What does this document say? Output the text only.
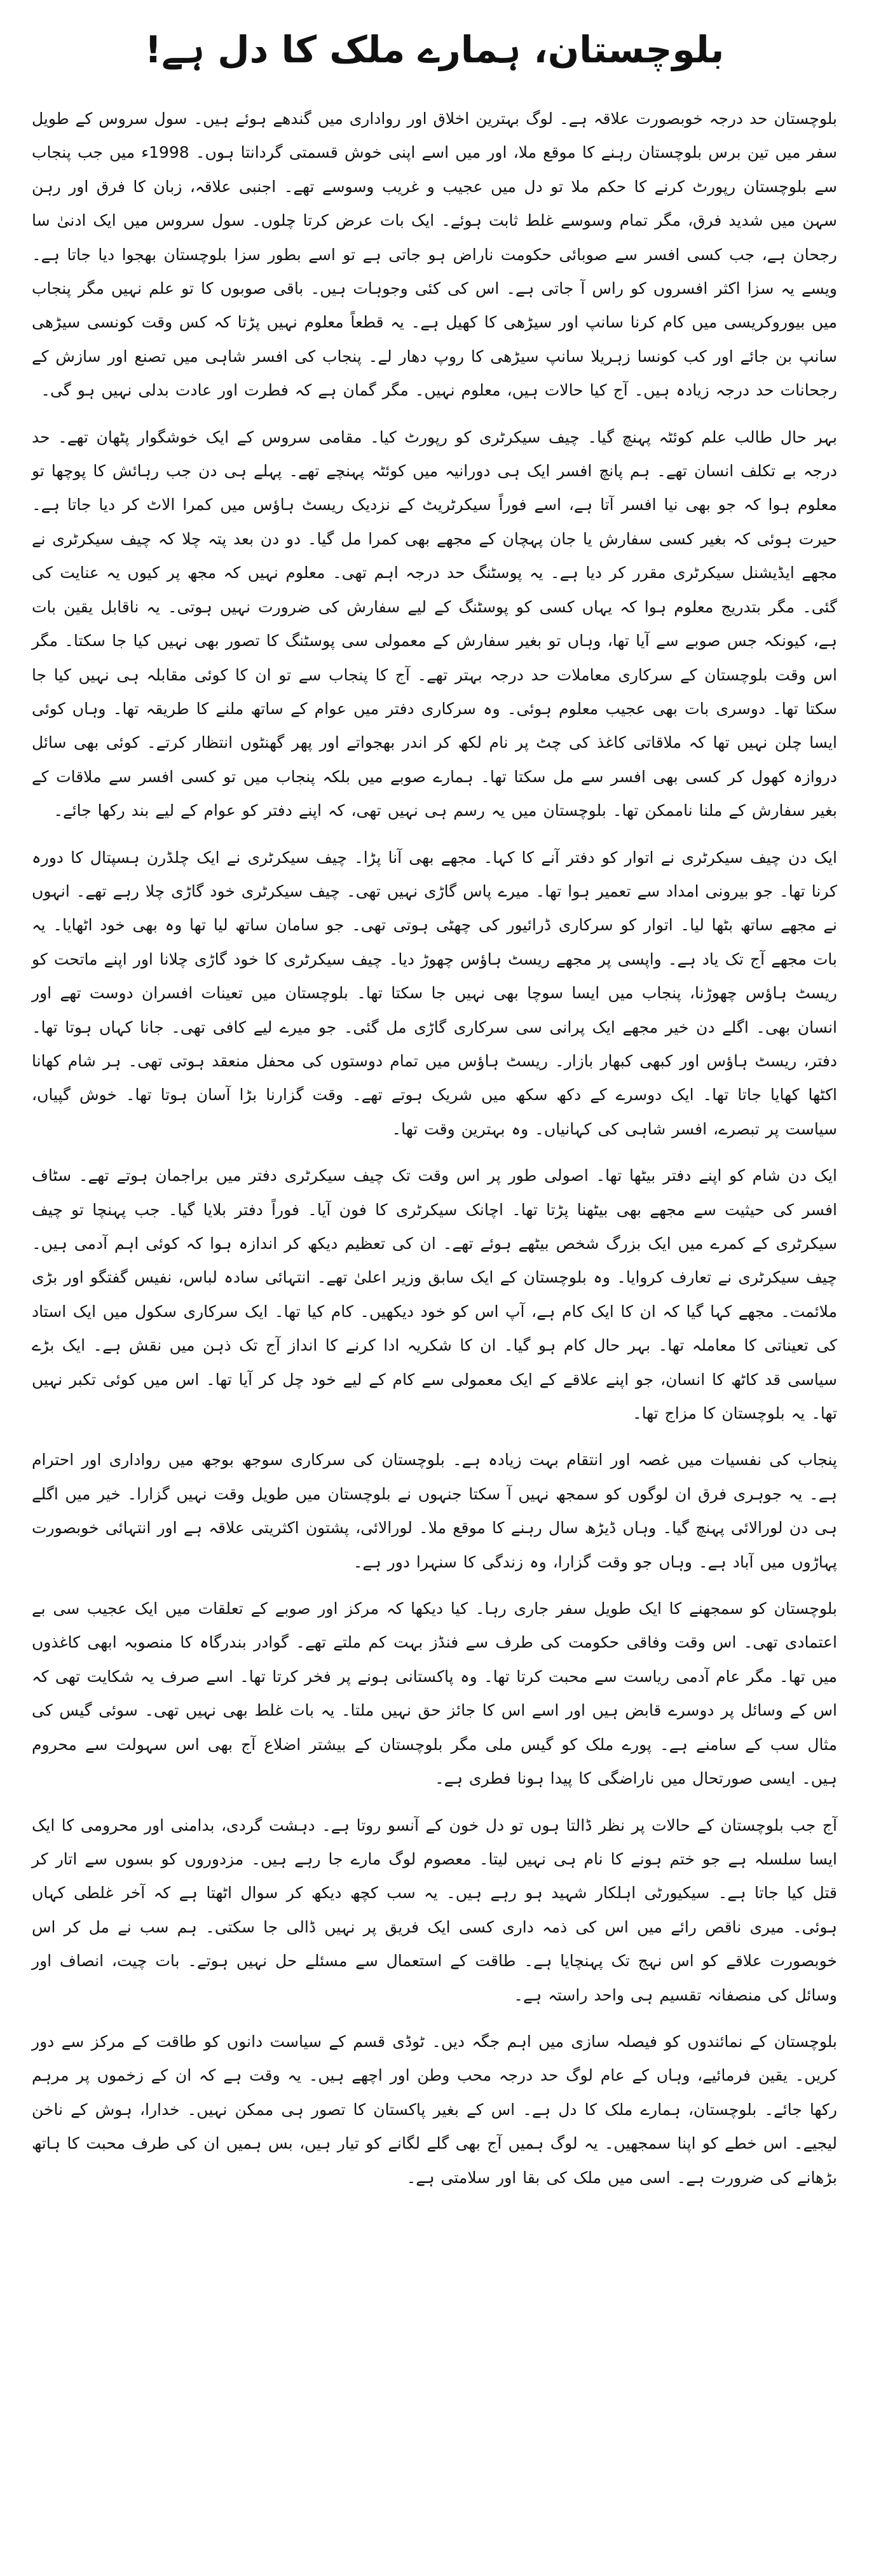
بلوچستان، ہمارے ملک کا دل ہے!

بلوچستان حد درجہ خوبصورت علاقہ ہے۔ لوگ بہترین اخلاق اور رواداری میں گندھے ہوئے ہیں۔ سول سروس کے طویل سفر میں تین برس بلوچستان رہنے کا موقع ملا، اور میں اسے اپنی خوش قسمتی گردانتا ہوں۔ 1998ء میں جب پنجاب سے بلوچستان رپورٹ کرنے کا حکم ملا تو دل میں عجیب و غریب وسوسے تھے۔ اجنبی علاقہ، زبان کا فرق اور رہن سہن میں شدید فرق، مگر تمام وسوسے غلط ثابت ہوئے۔ ایک بات عرض کرتا چلوں۔ سول سروس میں ایک ادنیٰ سا رجحان ہے، جب کسی افسر سے صوبائی حکومت ناراض ہو جاتی ہے تو اسے بطور سزا بلوچستان بھجوا دیا جاتا ہے۔ ویسے یہ سزا اکثر افسروں کو راس آ جاتی ہے۔ اس کی کئی وجوہات ہیں۔ باقی صوبوں کا تو علم نہیں مگر پنجاب میں بیوروکریسی میں کام کرنا سانپ اور سیڑھی کا کھیل ہے۔ یہ قطعاً معلوم نہیں پڑتا کہ کس وقت کونسی سیڑھی سانپ بن جائے اور کب کونسا زہریلا سانپ سیڑھی کا روپ دھار لے۔ پنجاب کی افسر شاہی میں تصنع اور سازش کے رجحانات حد درجہ زیادہ ہیں۔ آج کیا حالات ہیں، معلوم نہیں۔ مگر گمان ہے کہ فطرت اور عادت بدلی نہیں ہو گی۔

بہر حال طالب علم کوئٹہ پہنچ گیا۔ چیف سیکرٹری کو رپورٹ کیا۔ مقامی سروس کے ایک خوشگوار پٹھان تھے۔ حد درجہ بے تکلف انسان تھے۔ ہم پانچ افسر ایک ہی دورانیہ میں کوئٹہ پہنچے تھے۔ پہلے ہی دن جب رہائش کا پوچھا تو معلوم ہوا کہ جو بھی نیا افسر آتا ہے، اسے فوراً سیکرٹریٹ کے نزدیک ریسٹ ہاؤس میں کمرا الاٹ کر دیا جاتا ہے۔ حیرت ہوئی کہ بغیر کسی سفارش یا جان پہچان کے مجھے بھی کمرا مل گیا۔ دو دن بعد پتہ چلا کہ چیف سیکرٹری نے مجھے ایڈیشنل سیکرٹری مقرر کر دیا ہے۔ یہ پوسٹنگ حد درجہ اہم تھی۔ معلوم نہیں کہ مجھ پر کیوں یہ عنایت کی گئی۔ مگر بتدریج معلوم ہوا کہ یہاں کسی کو پوسٹنگ کے لیے سفارش کی ضرورت نہیں ہوتی۔ یہ ناقابل یقین بات ہے، کیونکہ جس صوبے سے آیا تھا، وہاں تو بغیر سفارش کے معمولی سی پوسٹنگ کا تصور بھی نہیں کیا جا سکتا۔ مگر اس وقت بلوچستان کے سرکاری معاملات حد درجہ بہتر تھے۔ آج کا پنجاب سے تو ان کا کوئی مقابلہ ہی نہیں کیا جا سکتا تھا۔ دوسری بات بھی عجیب معلوم ہوئی۔ وہ سرکاری دفتر میں عوام کے ساتھ ملنے کا طریقہ تھا۔ وہاں کوئی ایسا چلن نہیں تھا کہ ملاقاتی کاغذ کی چٹ پر نام لکھ کر اندر بھجواتے اور پھر گھنٹوں انتظار کرتے۔ کوئی بھی سائل دروازہ کھول کر کسی بھی افسر سے مل سکتا تھا۔ ہمارے صوبے میں بلکہ پنجاب میں تو کسی افسر سے ملاقات کے بغیر سفارش کے ملنا ناممکن تھا۔ بلوچستان میں یہ رسم ہی نہیں تھی، کہ اپنے دفتر کو عوام کے لیے بند رکھا جائے۔

ایک دن چیف سیکرٹری نے اتوار کو دفتر آنے کا کہا۔ مجھے بھی آنا پڑا۔ چیف سیکرٹری نے ایک چلڈرن ہسپتال کا دورہ کرنا تھا۔ جو بیرونی امداد سے تعمیر ہوا تھا۔ میرے پاس گاڑی نہیں تھی۔ چیف سیکرٹری خود گاڑی چلا رہے تھے۔ انہوں نے مجھے ساتھ بٹھا لیا۔ اتوار کو سرکاری ڈرائیور کی چھٹی ہوتی تھی۔ جو سامان ساتھ لیا تھا وہ بھی خود اٹھایا۔ یہ بات مجھے آج تک یاد ہے۔ واپسی پر مجھے ریسٹ ہاؤس چھوڑ دیا۔ چیف سیکرٹری کا خود گاڑی چلانا اور اپنے ماتحت کو ریسٹ ہاؤس چھوڑنا، پنجاب میں ایسا سوچا بھی نہیں جا سکتا تھا۔ بلوچستان میں تعینات افسران دوست تھے اور انسان بھی۔ اگلے دن خیر مجھے ایک پرانی سی سرکاری گاڑی مل گئی۔ جو میرے لیے کافی تھی۔ جانا کہاں ہوتا تھا۔ دفتر، ریسٹ ہاؤس اور کبھی کبھار بازار۔ ریسٹ ہاؤس میں تمام دوستوں کی محفل منعقد ہوتی تھی۔ ہر شام کھانا اکٹھا کھایا جاتا تھا۔ ایک دوسرے کے دکھ سکھ میں شریک ہوتے تھے۔ وقت گزارنا بڑا آسان ہوتا تھا۔ خوش گپیاں، سیاست پر تبصرے، افسر شاہی کی کہانیاں۔ وہ بہترین وقت تھا۔

ایک دن شام کو اپنے دفتر بیٹھا تھا۔ اصولی طور پر اس وقت تک چیف سیکرٹری دفتر میں براجمان ہوتے تھے۔ سٹاف افسر کی حیثیت سے مجھے بھی بیٹھنا پڑتا تھا۔ اچانک سیکرٹری کا فون آیا۔ فوراً دفتر بلایا گیا۔ جب پہنچا تو چیف سیکرٹری کے کمرے میں ایک بزرگ شخص بیٹھے ہوئے تھے۔ ان کی تعظیم دیکھ کر اندازہ ہوا کہ کوئی اہم آدمی ہیں۔ چیف سیکرٹری نے تعارف کروایا۔ وہ بلوچستان کے ایک سابق وزیر اعلیٰ تھے۔ انتہائی سادہ لباس، نفیس گفتگو اور بڑی ملائمت۔ مجھے کہا گیا کہ ان کا ایک کام ہے، آپ اس کو خود دیکھیں۔ کام کیا تھا۔ ایک سرکاری سکول میں ایک استاد کی تعیناتی کا معاملہ تھا۔ بہر حال کام ہو گیا۔ ان کا شکریہ ادا کرنے کا انداز آج تک ذہن میں نقش ہے۔ ایک بڑے سیاسی قد کاٹھ کا انسان، جو اپنے علاقے کے ایک معمولی سے کام کے لیے خود چل کر آیا تھا۔ اس میں کوئی تکبر نہیں تھا۔ یہ بلوچستان کا مزاج تھا۔

پنجاب کی نفسیات میں غصہ اور انتقام بہت زیادہ ہے۔ بلوچستان کی سرکاری سوجھ بوجھ میں رواداری اور احترام ہے۔ یہ جوہری فرق ان لوگوں کو سمجھ نہیں آ سکتا جنہوں نے بلوچستان میں طویل وقت نہیں گزارا۔ خیر میں اگلے ہی دن لورالائی پہنچ گیا۔ وہاں ڈیڑھ سال رہنے کا موقع ملا۔ لورالائی، پشتون اکثریتی علاقہ ہے اور انتہائی خوبصورت پہاڑوں میں آباد ہے۔ وہاں جو وقت گزارا، وہ زندگی کا سنہرا دور ہے۔

بلوچستان کو سمجھنے کا ایک طویل سفر جاری رہا۔ کیا دیکھا کہ مرکز اور صوبے کے تعلقات میں ایک عجیب سی بے اعتمادی تھی۔ اس وقت وفاقی حکومت کی طرف سے فنڈز بہت کم ملتے تھے۔ گوادر بندرگاہ کا منصوبہ ابھی کاغذوں میں تھا۔ مگر عام آدمی ریاست سے محبت کرتا تھا۔ وہ پاکستانی ہونے پر فخر کرتا تھا۔ اسے صرف یہ شکایت تھی کہ اس کے وسائل پر دوسرے قابض ہیں اور اسے اس کا جائز حق نہیں ملتا۔ یہ بات غلط بھی نہیں تھی۔ سوئی گیس کی مثال سب کے سامنے ہے۔ پورے ملک کو گیس ملی مگر بلوچستان کے بیشتر اضلاع آج بھی اس سہولت سے محروم ہیں۔ ایسی صورتحال میں ناراضگی کا پیدا ہونا فطری ہے۔

آج جب بلوچستان کے حالات پر نظر ڈالتا ہوں تو دل خون کے آنسو روتا ہے۔ دہشت گردی، بدامنی اور محرومی کا ایک ایسا سلسلہ ہے جو ختم ہونے کا نام ہی نہیں لیتا۔ معصوم لوگ مارے جا رہے ہیں۔ مزدوروں کو بسوں سے اتار کر قتل کیا جاتا ہے۔ سیکیورٹی اہلکار شہید ہو رہے ہیں۔ یہ سب کچھ دیکھ کر سوال اٹھتا ہے کہ آخر غلطی کہاں ہوئی۔ میری ناقص رائے میں اس کی ذمہ داری کسی ایک فریق پر نہیں ڈالی جا سکتی۔ ہم سب نے مل کر اس خوبصورت علاقے کو اس نہج تک پہنچایا ہے۔ طاقت کے استعمال سے مسئلے حل نہیں ہوتے۔ بات چیت، انصاف اور وسائل کی منصفانہ تقسیم ہی واحد راستہ ہے۔

بلوچستان کے نمائندوں کو فیصلہ سازی میں اہم جگہ دیں۔ ٹوڈی قسم کے سیاست دانوں کو طاقت کے مرکز سے دور کریں۔ یقین فرمائیے، وہاں کے عام لوگ حد درجہ محب وطن اور اچھے ہیں۔ یہ وقت ہے کہ ان کے زخموں پر مرہم رکھا جائے۔ بلوچستان، ہمارے ملک کا دل ہے۔ اس کے بغیر پاکستان کا تصور ہی ممکن نہیں۔ خدارا، ہوش کے ناخن لیجیے۔ اس خطے کو اپنا سمجھیں۔ یہ لوگ ہمیں آج بھی گلے لگانے کو تیار ہیں، بس ہمیں ان کی طرف محبت کا ہاتھ بڑھانے کی ضرورت ہے۔ اسی میں ملک کی بقا اور سلامتی ہے۔
